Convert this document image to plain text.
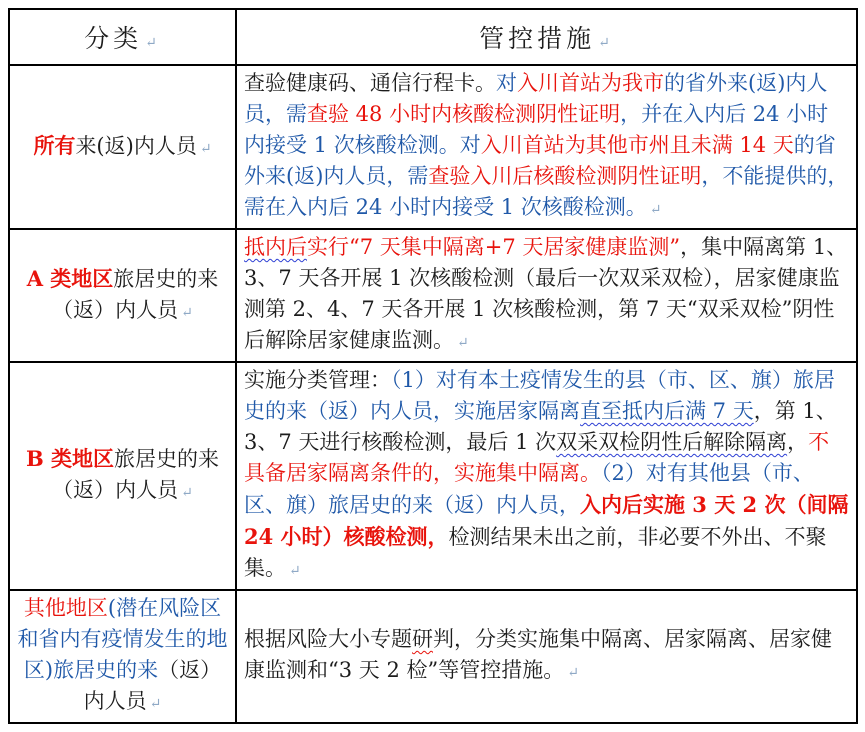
分类 ↵	管控措施 ↵
所有来(返)内人员 ↵	查验健康码、通信行程卡。对入川首站为我市的省外来(返)内人员，需查验 48 小时内核酸检测阴性证明，并在入内后 24 小时内接受 1 次核酸检测。对入川首站为其他市州且未满 14 天的省外来(返)内人员，需查验入川后核酸检测阴性证明，不能提供的，需在入内后 24 小时内接受 1 次核酸检测。 ↵
A 类地区旅居史的来（返）内人员 ↵	抵内后实行“7 天集中隔离+7 天居家健康监测”，集中隔离第 1、3、7 天各开展 1 次核酸检测（最后一次双采双检），居家健康监测第 2、4、7 天各开展 1 次核酸检测，第 7 天“双采双检”阴性后解除居家健康监测。 ↵
B 类地区旅居史的来（返）内人员 ↵	实施分类管理：（1）对有本土疫情发生的县（市、区、旗）旅居史的来（返）内人员，实施居家隔离直至抵内后满 7 天，第 1、3、7 天进行核酸检测，最后 1 次双采双检阴性后解除隔离，不具备居家隔离条件的，实施集中隔离。（2）对有其他县（市、区、旗）旅居史的来（返）内人员，入内后实施 3 天 2 次（间隔 24 小时）核酸检测，检测结果未出之前，非必要不外出、不聚集。 ↵
其他地区(潜在风险区和省内有疫情发生的地区)旅居史的来（返）内人员 ↵	根据风险大小专题研判，分类实施集中隔离、居家隔离、居家健康监测和“3 天 2 检”等管控措施。 ↵
